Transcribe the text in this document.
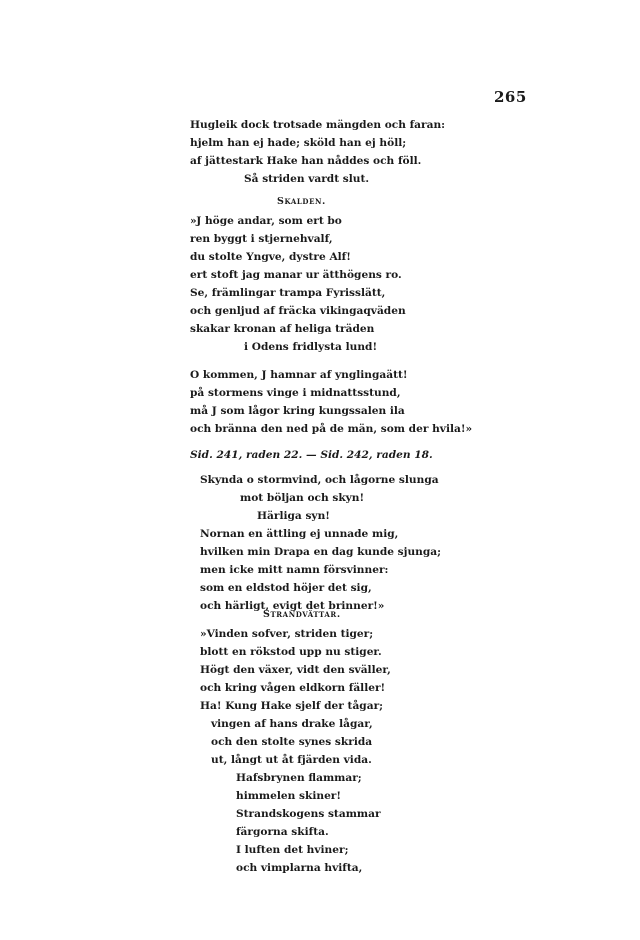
265
Hugleik dock trotsade mängden och faran:
hjelm han ej hade; sköld han ej höll;
af jättestark Hake han nåddes och föll.
Så striden vardt slut.
Skalden.
»J höge andar, som ert bo
ren byggt i stjernehvalf,
du stolte Yngve, dystre Alf!
ert stoft jag manar ur ätthögens ro.
Se, främlingar trampa Fyrisslätt,
och genljud af fräcka vikingaqväden
skakar kronan af heliga träden
i Odens fridlysta lund!
O kommen, J hamnar af ynglingaätt!
på stormens vinge i midnattsstund,
må J som lågor kring kungssalen ila
och bränna den ned på de män, som der hvila!»
Sid. 241, raden 22. — Sid. 242, raden 18.
Skynda o stormvind, och lågorne slunga
mot böljan och skyn!
Härliga syn!
Nornan en ättling ej unnade mig,
hvilken min Drapa en dag kunde sjunga;
men icke mitt namn försvinner:
som en eldstod höjer det sig,
och härligt, evigt det brinner!»
Strandvättar.
»Vinden sofver, striden tiger;
blott en rökstod upp nu stiger.
Högt den växer, vidt den sväller,
och kring vågen eldkorn fäller!
Ha! Kung Hake sjelf der tågar;
vingen af hans drake lågar,
och den stolte synes skrida
ut, långt ut åt fjärden vida.
Hafsbrynen flammar;
himmelen skiner!
Strandskogens stammar
färgorna skifta.
I luften det hviner;
och vimplarna hvifta,
